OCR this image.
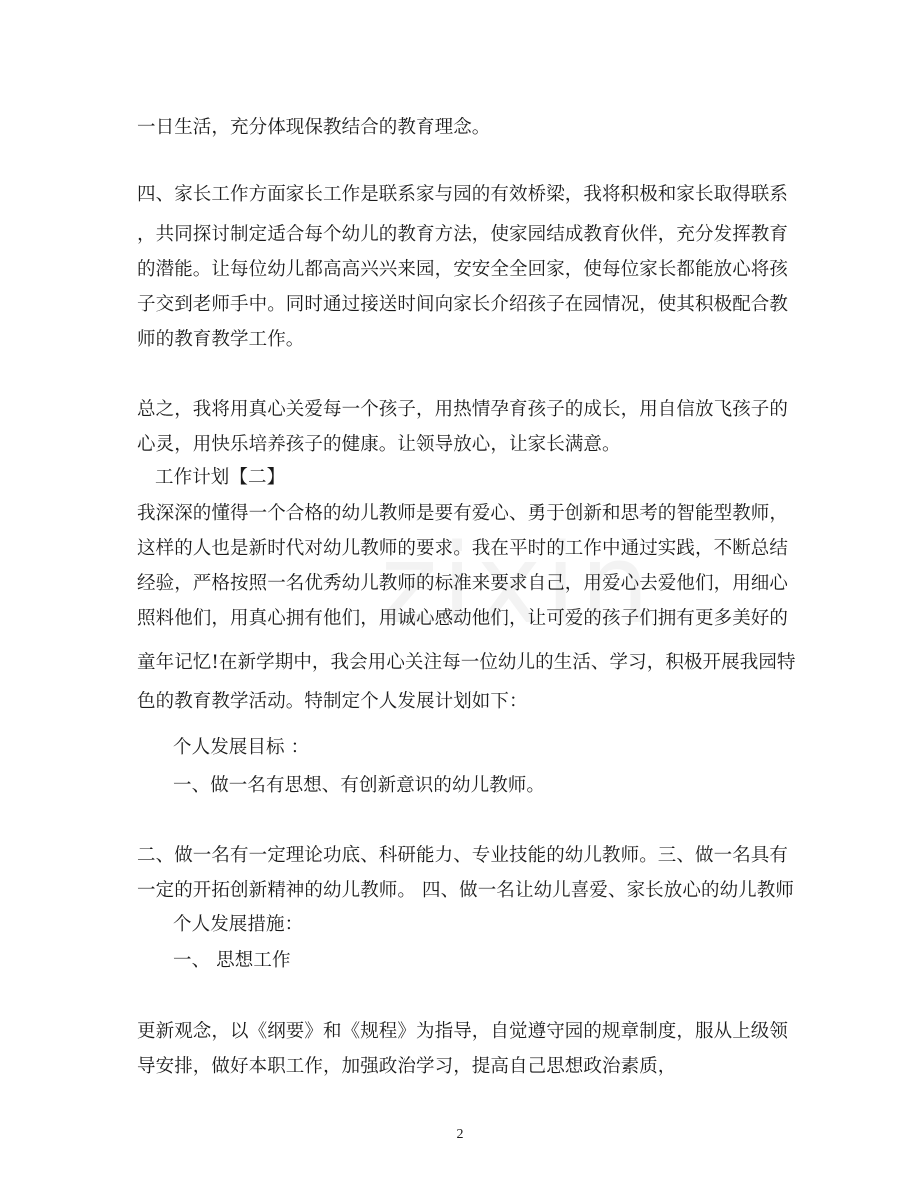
一日生活，充分体现保教结合的教育理念。
四、家长工作方面家长工作是联系家与园的有效桥梁，我将积极和家长取得联系
，共同探讨制定适合每个幼儿的教育方法，使家园结成教育伙伴，充分发挥教育
的潜能。让每位幼儿都高高兴兴来园，安安全全回家，使每位家长都能放心将孩
子交到老师手中。同时通过接送时间向家长介绍孩子在园情况，使其积极配合教
师的教育教学工作。
总之，我将用真心关爱每一个孩子，用热情孕育孩子的成长，用自信放飞孩子的
心灵，用快乐培养孩子的健康。让领导放心，让家长满意。
工作计划【二】
我深深的懂得一个合格的幼儿教师是要有爱心、勇于创新和思考的智能型教师，
这样的人也是新时代对幼儿教师的要求。我在平时的工作中通过实践，不断总结
经验，严格按照一名优秀幼儿教师的标准来要求自己，用爱心去爱他们，用细心
照料他们，用真心拥有他们，用诚心感动他们，让可爱的孩子们拥有更多美好的
童年记忆!在新学期中，我会用心关注每一位幼儿的生活、学习，积极开展我园特
色的教育教学活动。特制定个人发展计划如下：
个人发展目标 ：
一、做一名有思想、有创新意识的幼儿教师。
二、做一名有一定理论功底、科研能力、专业技能的幼儿教师。三、做一名具有
一定的开拓创新精神的幼儿教师。 四、做一名让幼儿喜爱、家长放心的幼儿教师
个人发展措施：
一、 思想工作
更新观念，以《纲要》和《规程》为指导，自觉遵守园的规章制度，服从上级领
导安排，做好本职工作，加强政治学习，提高自己思想政治素质，
2
